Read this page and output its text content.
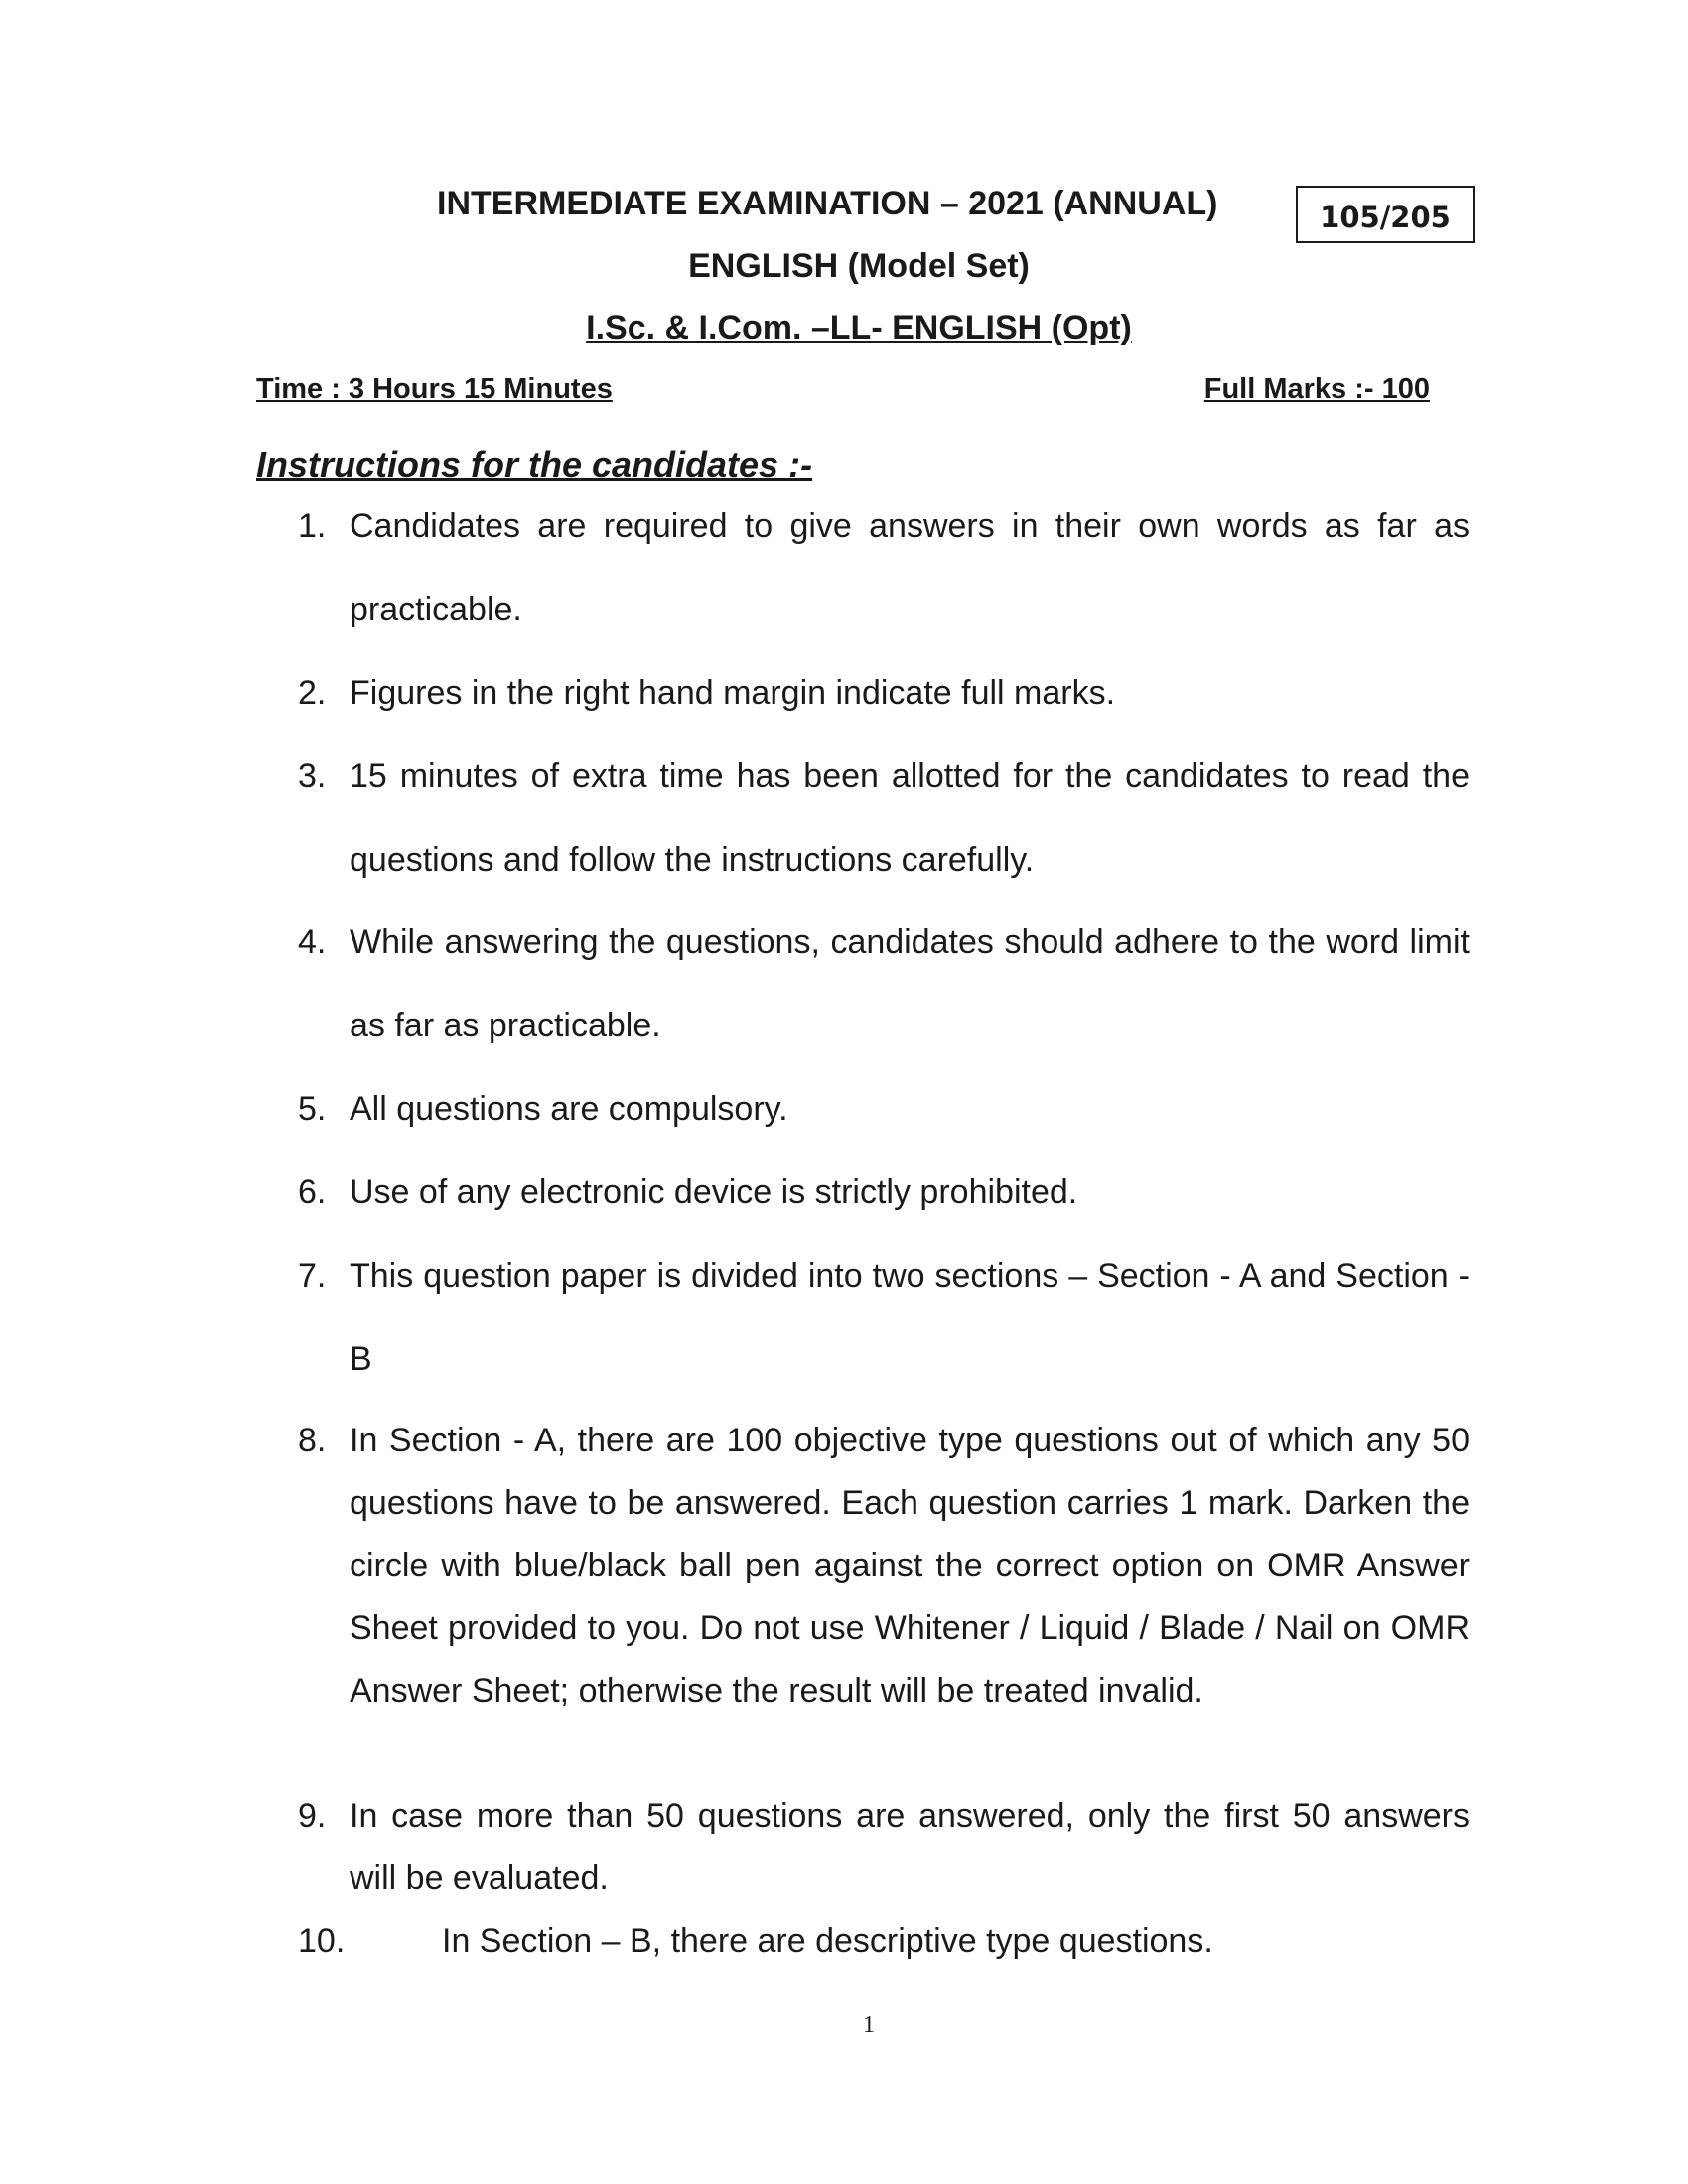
INTERMEDIATE EXAMINATION – 2021 (ANNUAL)	105/205
ENGLISH (Model Set)
I.Sc. & I.Com. –LL- ENGLISH (Opt)
Time : 3 Hours 15 Minutes	Full Marks :- 100
Instructions for the candidates :-
1. Candidates are required to give answers in their own words as far as practicable.
2. Figures in the right hand margin indicate full marks.
3. 15 minutes of extra time has been allotted for the candidates to read the questions and follow the instructions carefully.
4. While answering the questions, candidates should adhere to the word limit as far as practicable.
5. All questions are compulsory.
6. Use of any electronic device is strictly prohibited.
7. This question paper is divided into two sections – Section - A and Section - B
8. In Section - A, there are 100 objective type questions out of which any 50 questions have to be answered. Each question carries 1 mark. Darken the circle with blue/black ball pen against the correct option on OMR Answer Sheet provided to you. Do not use Whitener / Liquid / Blade / Nail on OMR Answer Sheet; otherwise the result will be treated invalid.
9. In case more than 50 questions are answered, only the first 50 answers will be evaluated.
10.	In Section – B, there are descriptive type questions.
1
